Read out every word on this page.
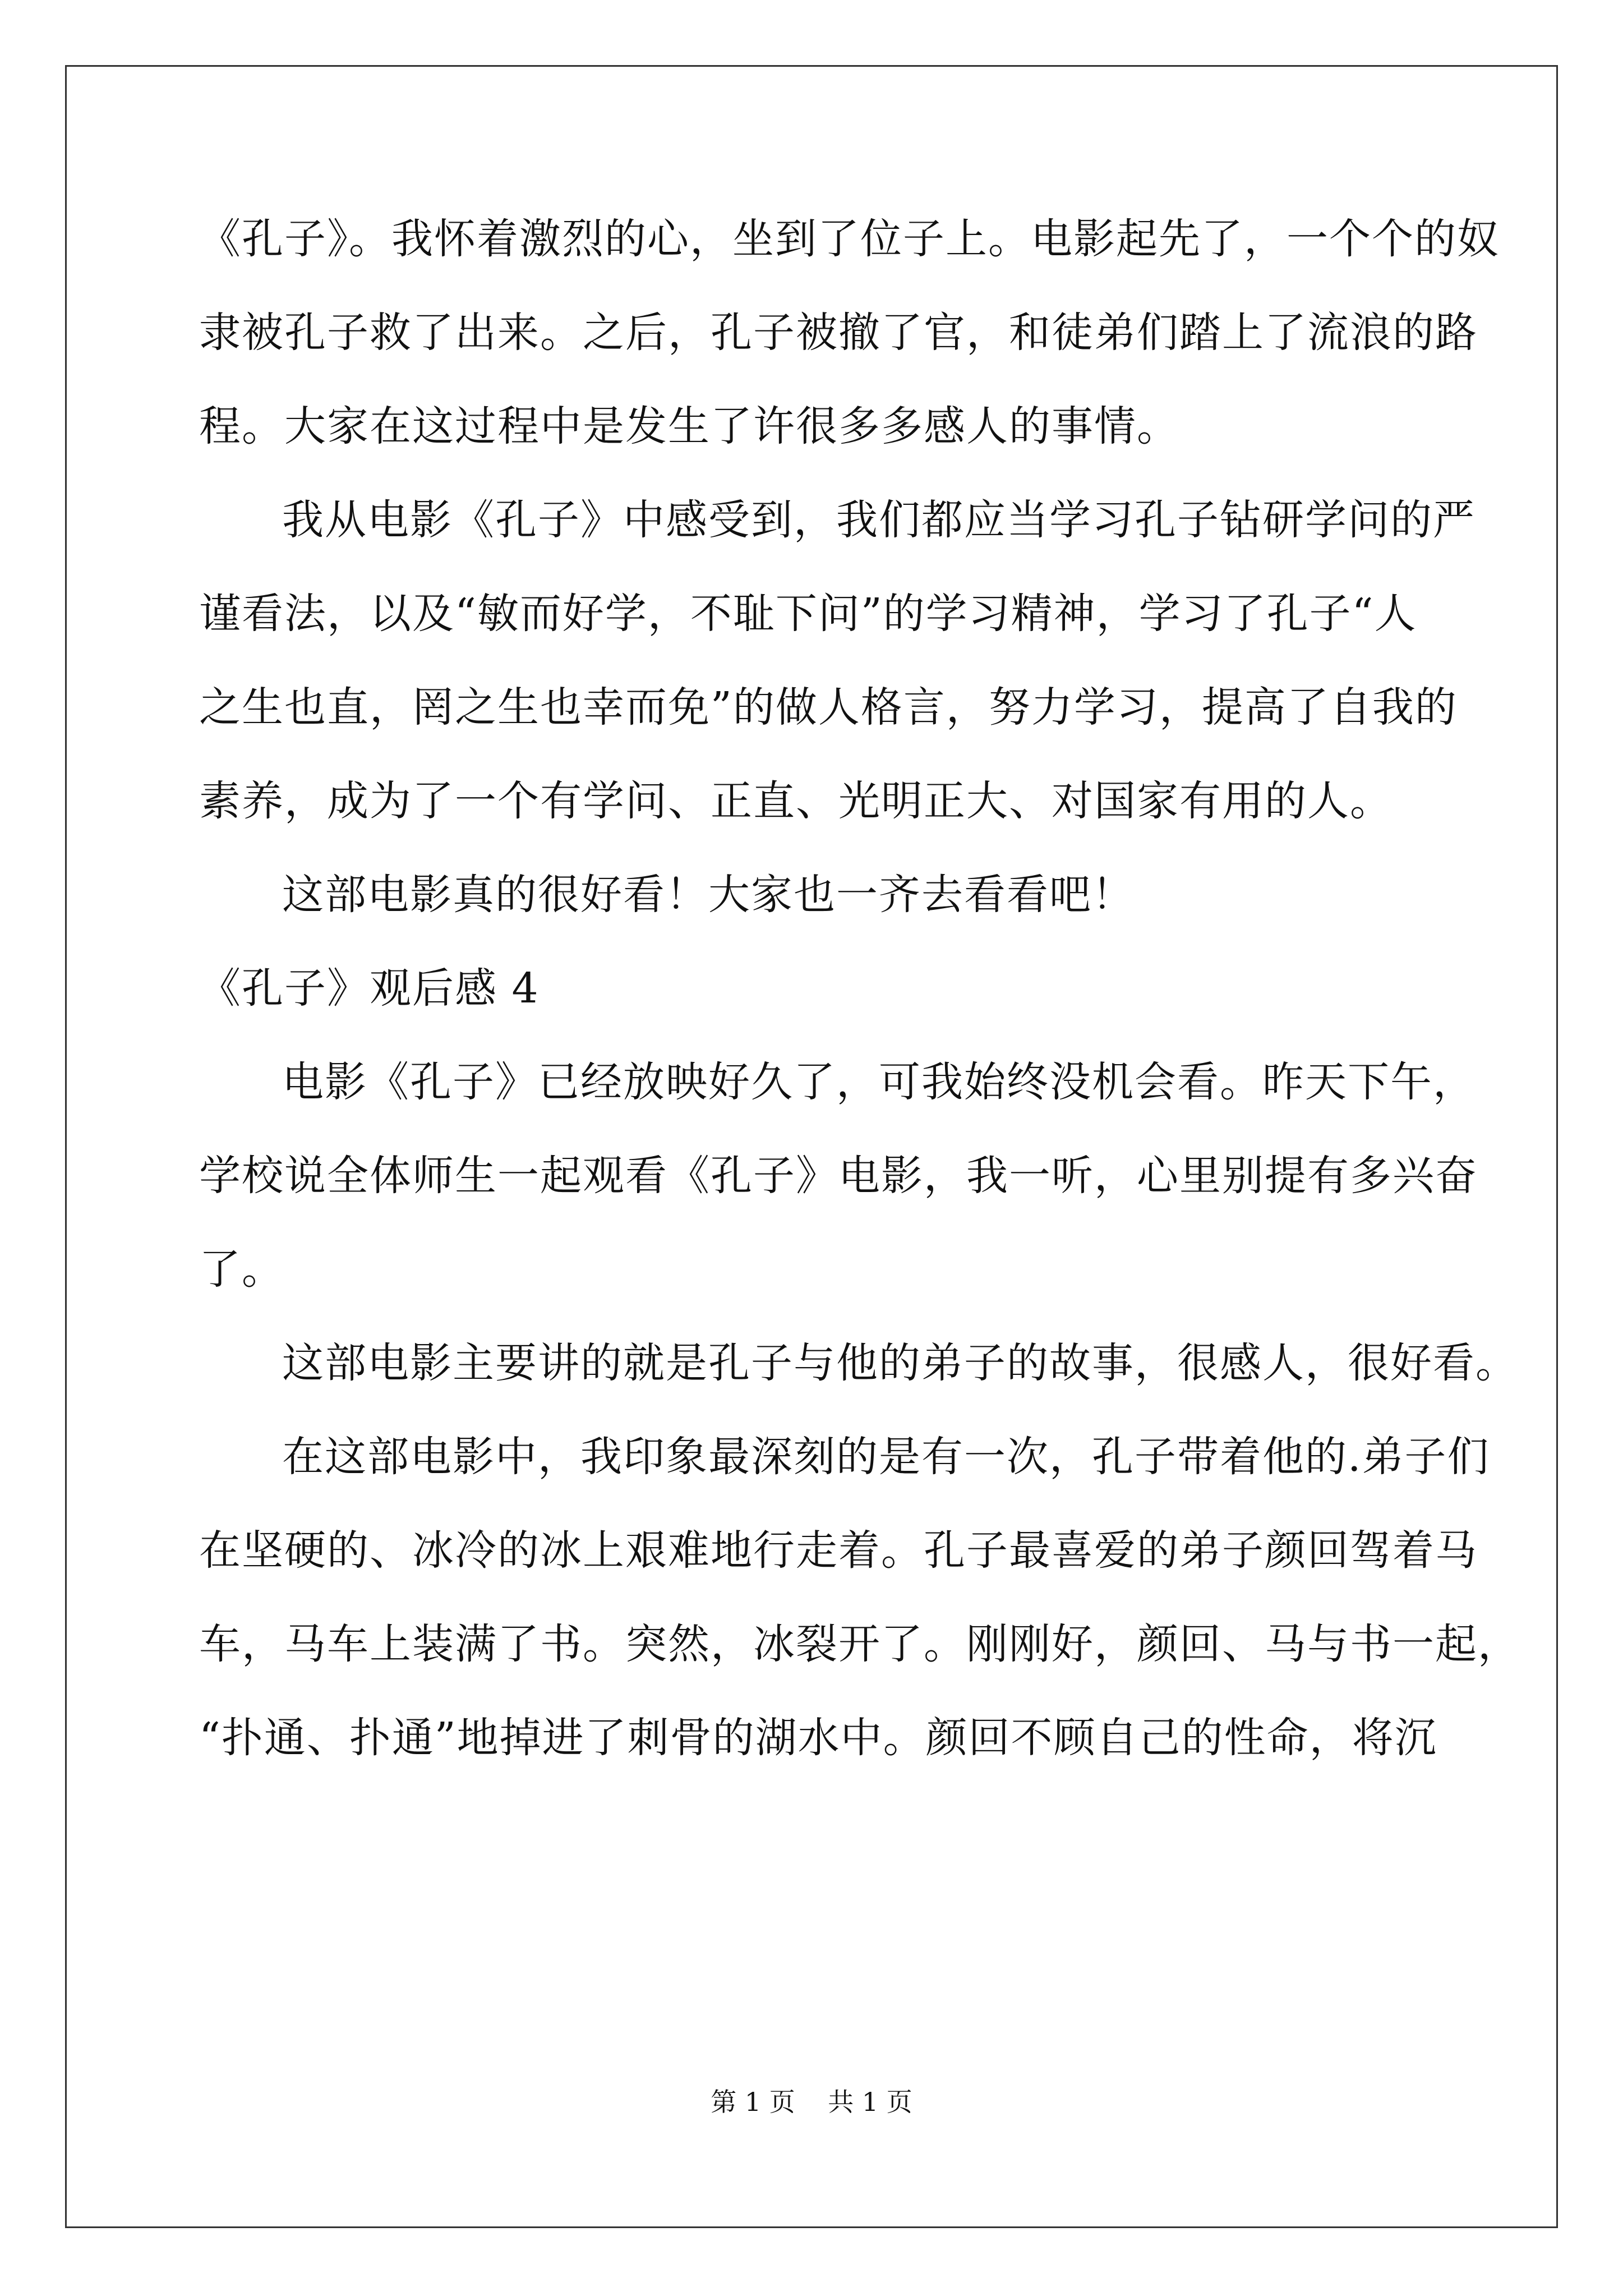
《孔子》。我怀着激烈的心，坐到了位子上。电影起先了，一个个的奴
隶被孔子救了出来。之后，孔子被撤了官，和徒弟们踏上了流浪的路
程。大家在这过程中是发生了许很多多感人的事情。
我从电影《孔子》中感受到，我们都应当学习孔子钻研学问的严
谨看法，以及“敏而好学，不耻下问”的学习精神，学习了孔子“人
之生也直，罔之生也幸而免”的做人格言，努力学习，提高了自我的
素养，成为了一个有学问、正直、光明正大、对国家有用的人。
这部电影真的很好看！大家也一齐去看看吧！
《孔子》观后感 4
电影《孔子》已经放映好久了，可我始终没机会看。昨天下午，
学校说全体师生一起观看《孔子》电影，我一听，心里别提有多兴奋
了。
这部电影主要讲的就是孔子与他的弟子的故事，很感人，很好看。
在这部电影中，我印象最深刻的是有一次，孔子带着他的.弟子们
在坚硬的、冰冷的冰上艰难地行走着。孔子最喜爱的弟子颜回驾着马
车，马车上装满了书。突然，冰裂开了。刚刚好，颜回、马与书一起，
“扑通、扑通”地掉进了刺骨的湖水中。颜回不顾自己的性命，将沉
第 1 页    共 1 页
